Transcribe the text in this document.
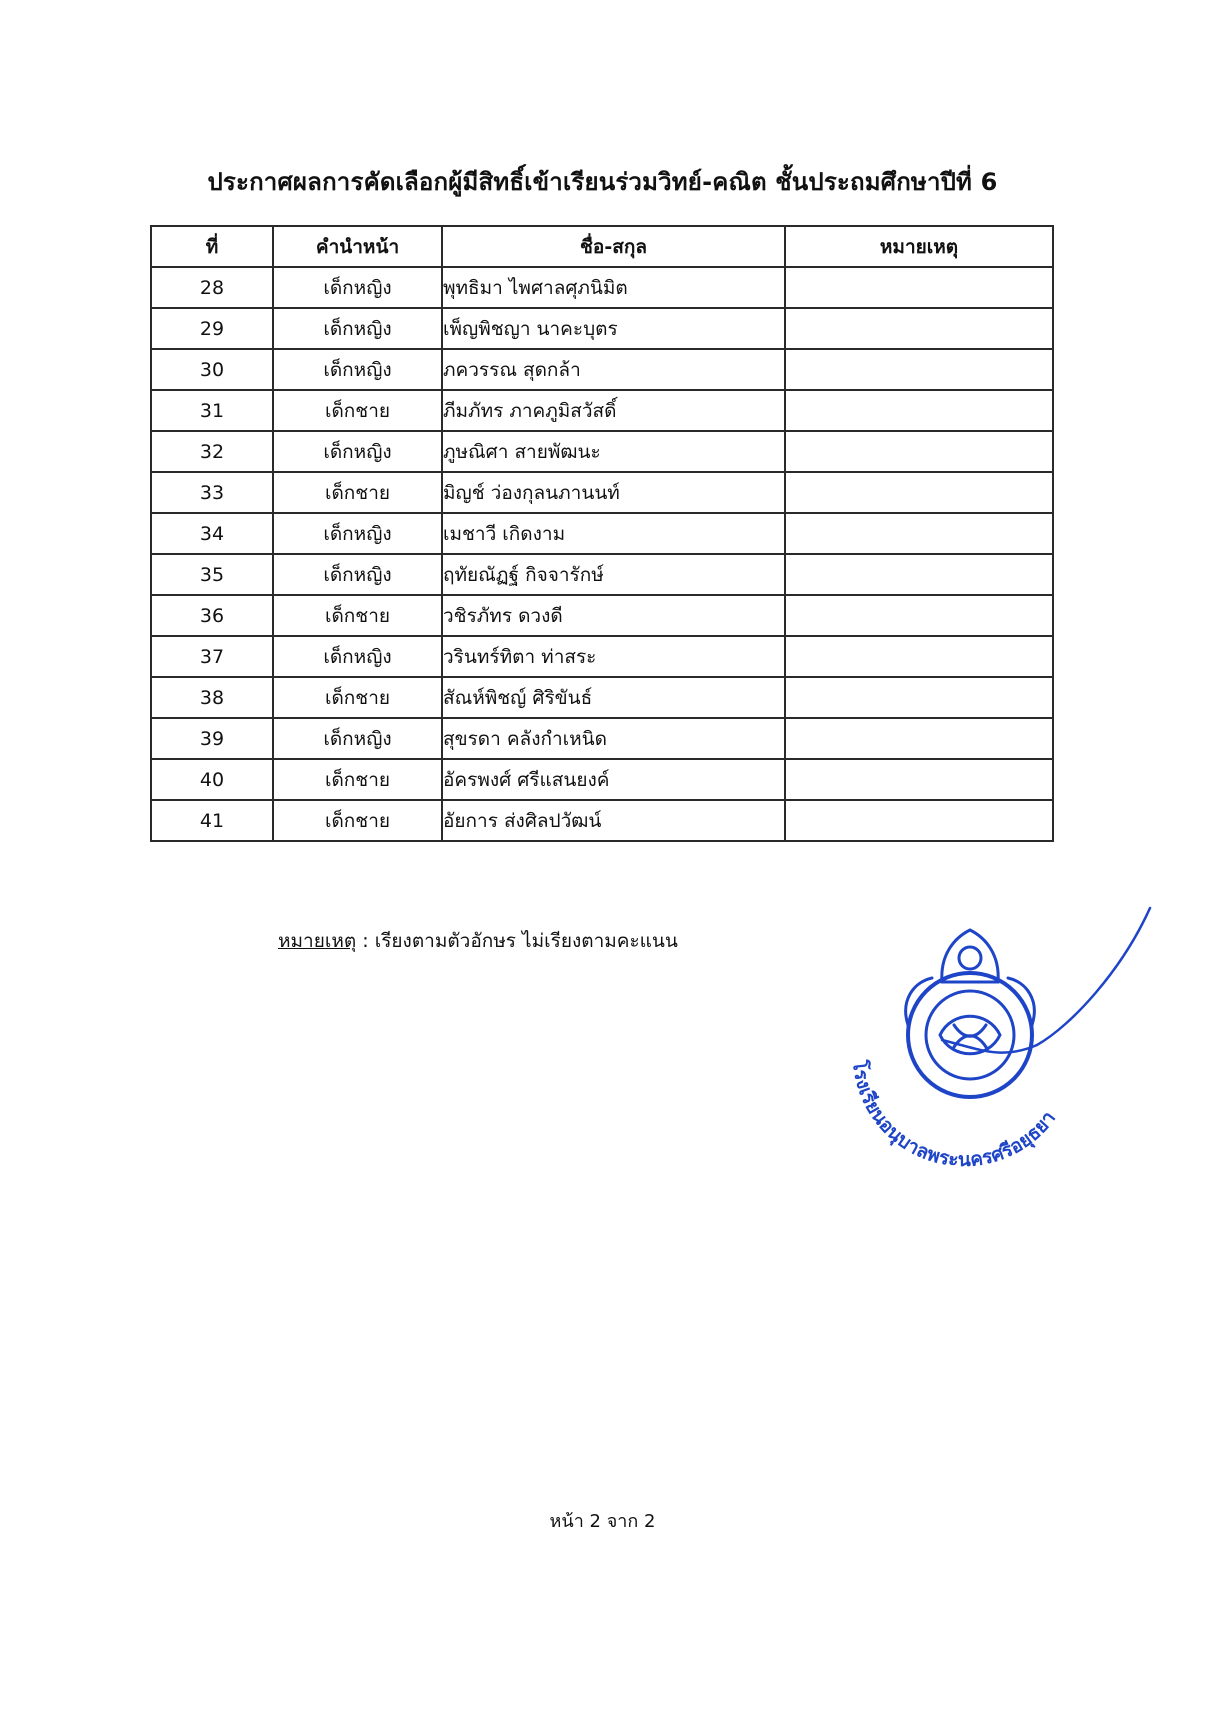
ประกาศผลการคัดเลือกผู้มีสิทธิ์เข้าเรียนร่วมวิทย์-คณิต ชั้นประถมศึกษาปีที่ 6
ที่	คำนำหน้า	ชื่อ-สกุล	หมายเหตุ
28	เด็กหญิง	พุทธิมา ไพศาลศุภนิมิต	
29	เด็กหญิง	เพ็ญพิชญา นาคะบุตร	
30	เด็กหญิง	ภควรรณ สุดกล้า	
31	เด็กชาย	ภีมภัทร ภาคภูมิสวัสดิ์	
32	เด็กหญิง	ภูษณิศา สายพัฒนะ	
33	เด็กชาย	มิญช์ ว่องกุลนภานนท์	
34	เด็กหญิง	เมชาวี เกิดงาม	
35	เด็กหญิง	ฤทัยณัฏฐ์ กิจจารักษ์	
36	เด็กชาย	วชิรภัทร ดวงดี	
37	เด็กหญิง	วรินทร์ทิตา ท่าสระ	
38	เด็กชาย	สัณห์พิชญ์ ศิริขันธ์	
39	เด็กหญิง	สุขรดา คลังกำเหนิด	
40	เด็กชาย	อัครพงศ์ ศรีแสนยงค์	
41	เด็กชาย	อัยการ ส่งศิลปวัฒน์	
หมายเหตุ : เรียงตามตัวอักษร ไม่เรียงตามคะแนน
โรงเรียนอนุบาลพระนครศรีอยุธยา
หน้า 2 จาก 2
